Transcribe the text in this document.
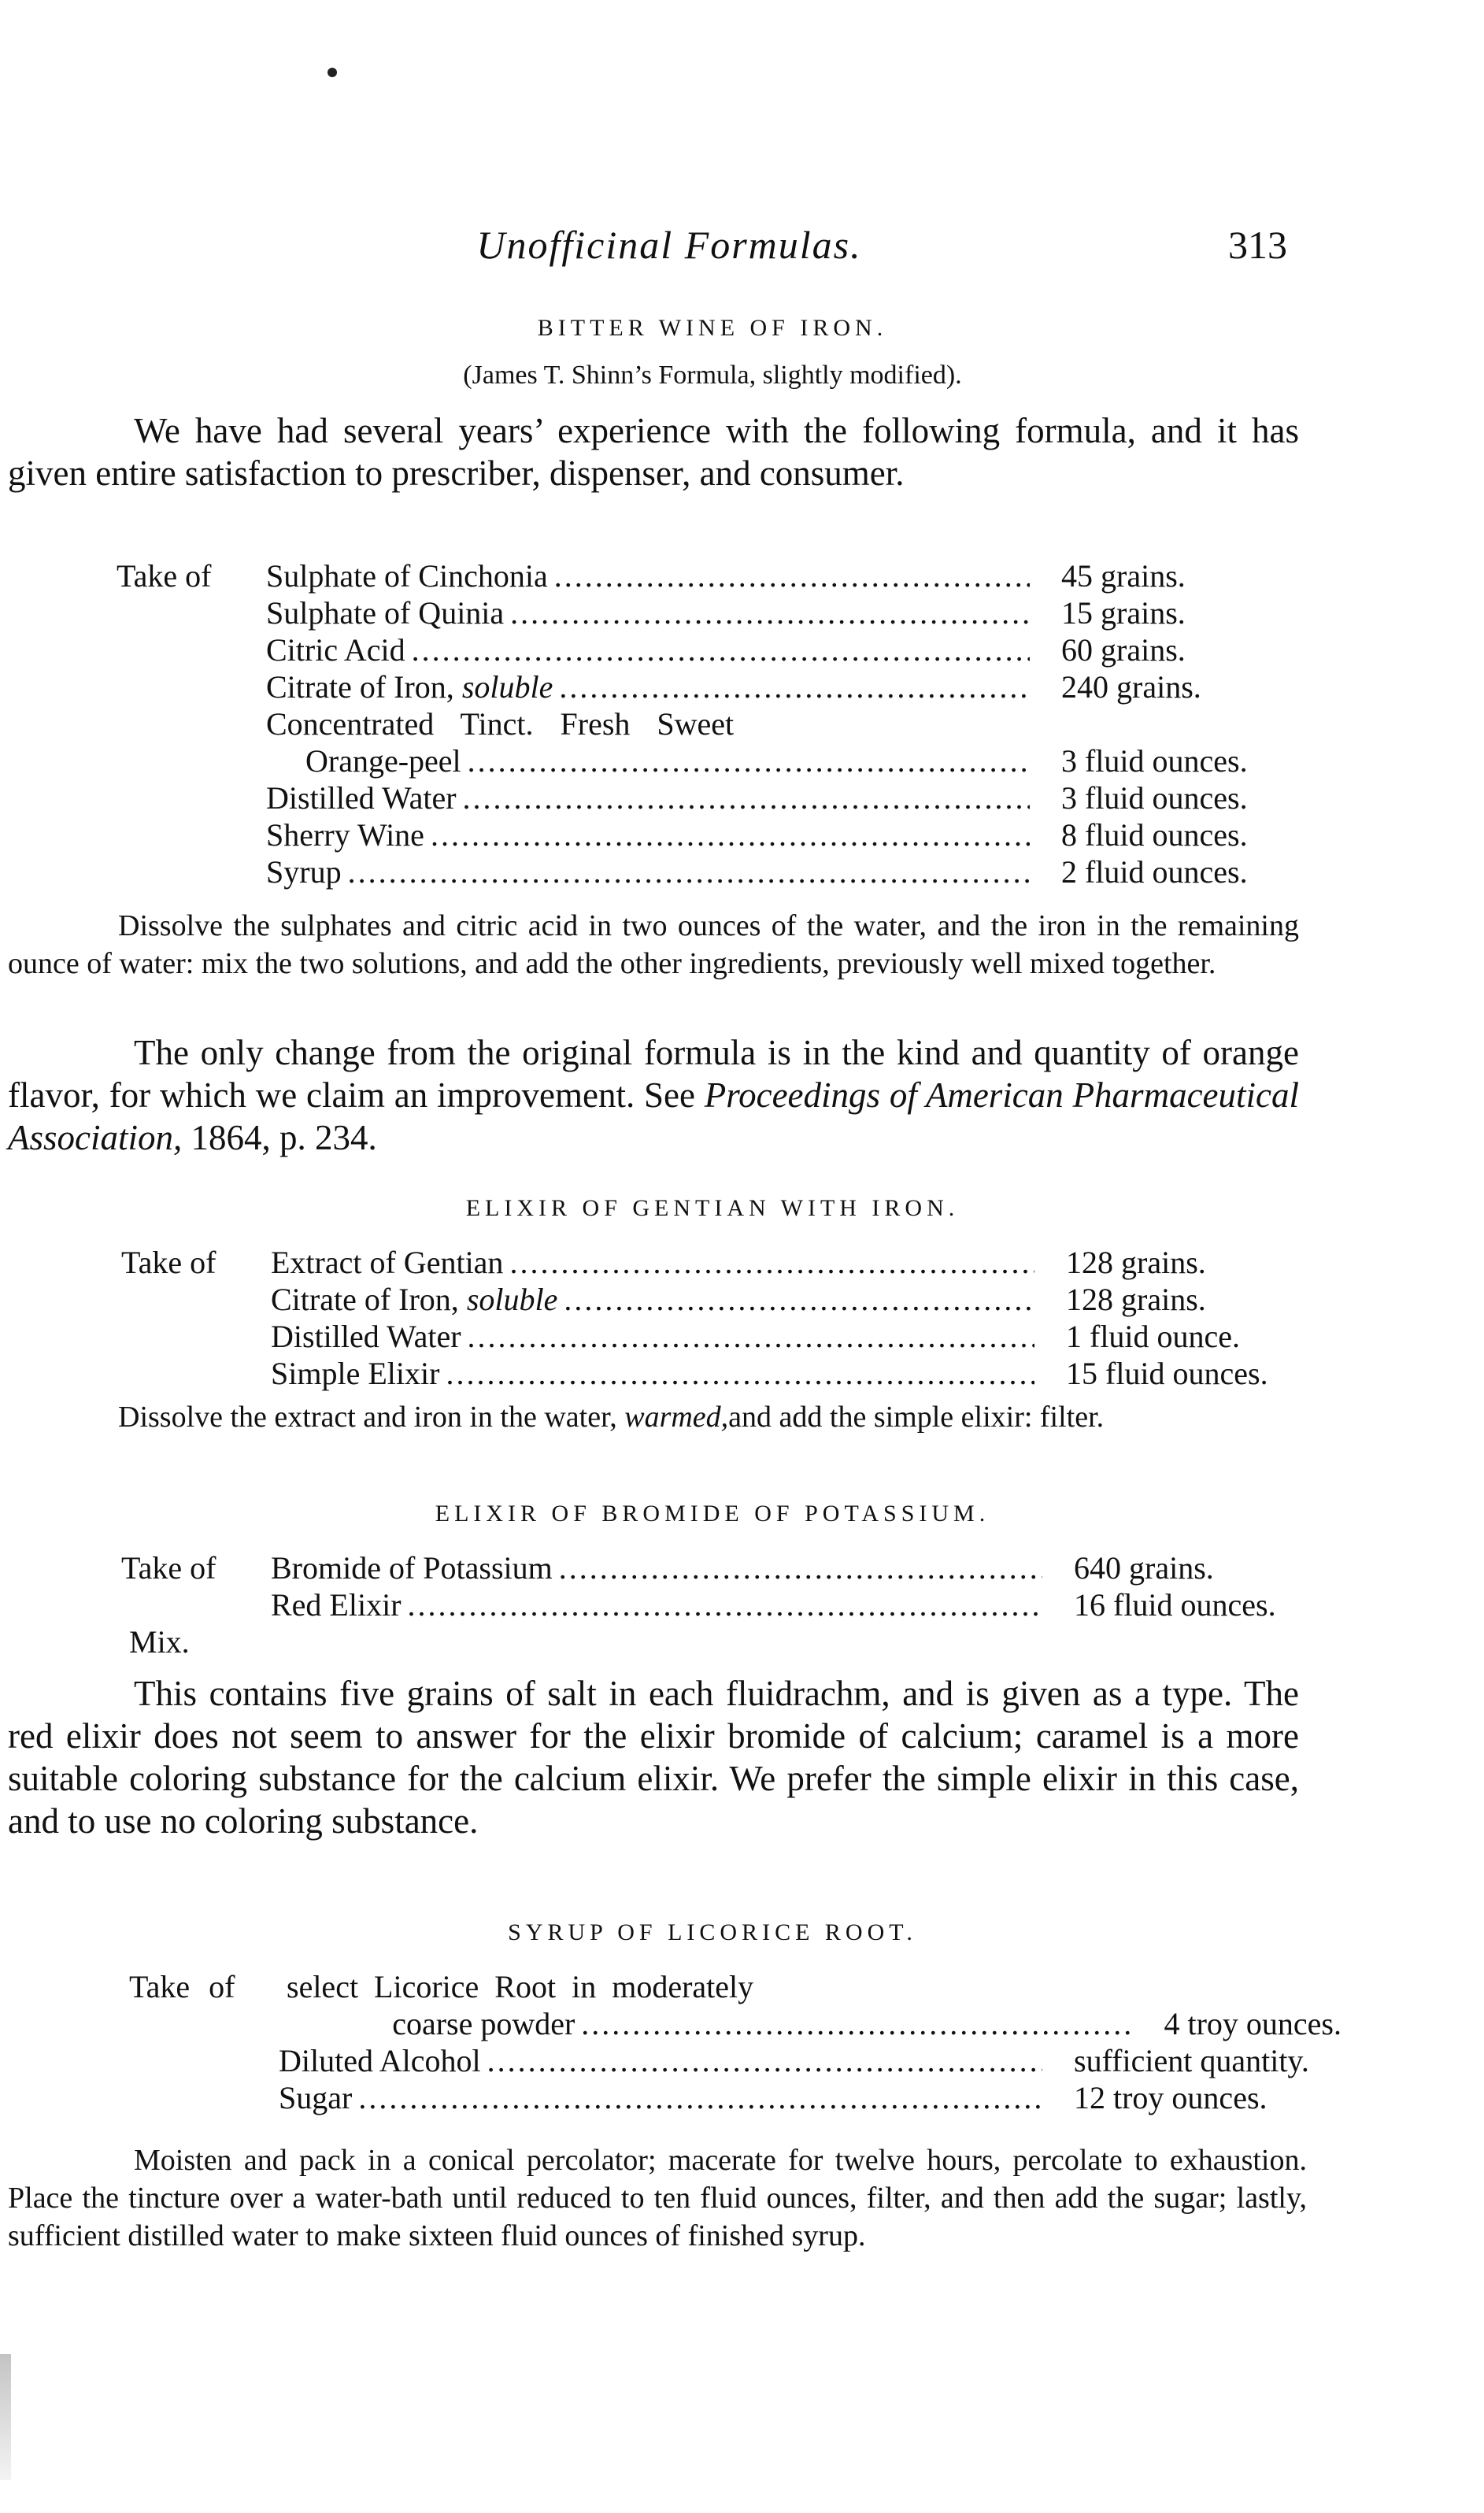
Unofficinal Formulas.	313

BITTER WINE OF IRON.

(James T. Shinn’s Formula, slightly modified).

We have had several years’ experience with the following formula, and it has given entire satisfaction to prescriber, dispenser, and consumer.

Take of	Sulphate of Cinchonia .....	45 grains.
Sulphate of Quinia .....	15 grains.
Citric Acid .....	60 grains.
Citrate of Iron, soluble .....	240 grains.
Concentrated Tinct. Fresh Sweet
Orange-peel .....	3 fluid ounces.
Distilled Water .....	3 fluid ounces.
Sherry Wine .....	8 fluid ounces.
Syrup .....	2 fluid ounces.

Dissolve the sulphates and citric acid in two ounces of the water, and the iron in the remaining ounce of water: mix the two solutions, and add the other ingredients, previously well mixed together.

The only change from the original formula is in the kind and quantity of orange flavor, for which we claim an improvement. See Proceedings of American Pharmaceutical Association, 1864, p. 234.

ELIXIR OF GENTIAN WITH IRON.

Take of	Extract of Gentian .....	128 grains.
Citrate of Iron, soluble .....	128 grains.
Distilled Water .....	1 fluid ounce.
Simple Elixir .....	15 fluid ounces.

Dissolve the extract and iron in the water, warmed,and add the simple elixir: filter.

ELIXIR OF BROMIDE OF POTASSIUM.

Take of	Bromide of Potassium .....	640 grains.
Red Elixir .....	16 fluid ounces.

Mix.

This contains five grains of salt in each fluidrachm, and is given as a type. The red elixir does not seem to answer for the elixir bromide of calcium; caramel is a more suitable coloring substance for the calcium elixir. We prefer the simple elixir in this case, and to use no coloring substance.

SYRUP OF LICORICE ROOT.

Take of	select Licorice Root in moderately
coarse powder .....	4 troy ounces.
Diluted Alcohol .....	sufficient quantity.
Sugar .....	12 troy ounces.

Moisten and pack in a conical percolator; macerate for twelve hours, percolate to exhaustion. Place the tincture over a water-bath until reduced to ten fluid ounces, filter, and then add the sugar; lastly, sufficient distilled water to make sixteen fluid ounces of finished syrup.
